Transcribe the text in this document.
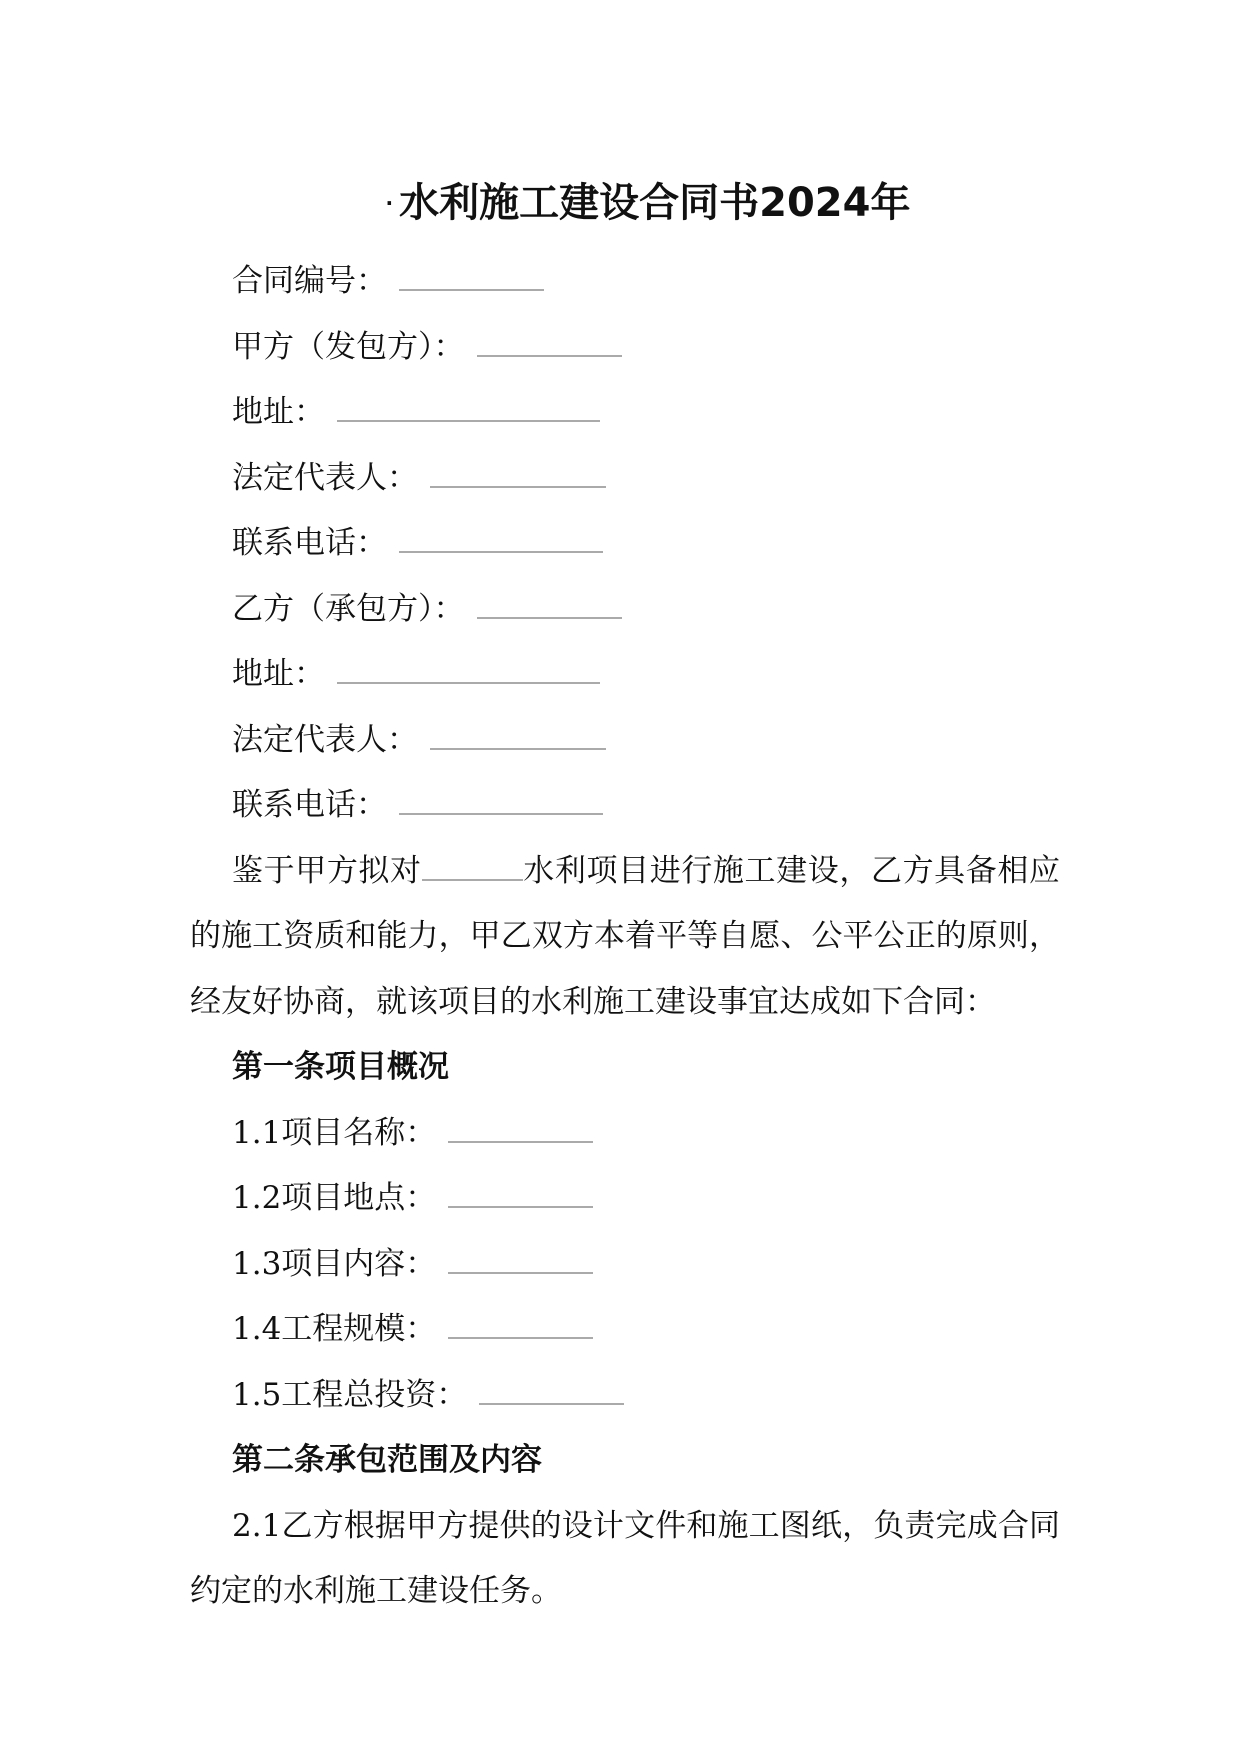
· 水利施工建设合同书2024年
合同编号：
甲方（发包方）：
地址：
法定代表人：
联系电话：
乙方（承包方）：
地址：
法定代表人：
联系电话：
鉴于甲方拟对	水利项目进行施工建设，乙方具备相应的施工资质和能力，甲乙双方本着平等自愿、公平公正的原则，经友好协商，就该项目的水利施工建设事宜达成如下合同：
第一条项目概况
1.1项目名称：
1.2项目地点：
1.3项目内容：
1.4工程规模：
1.5工程总投资：
第二条承包范围及内容
2.1乙方根据甲方提供的设计文件和施工图纸，负责完成合同约定的水利施工建设任务。
